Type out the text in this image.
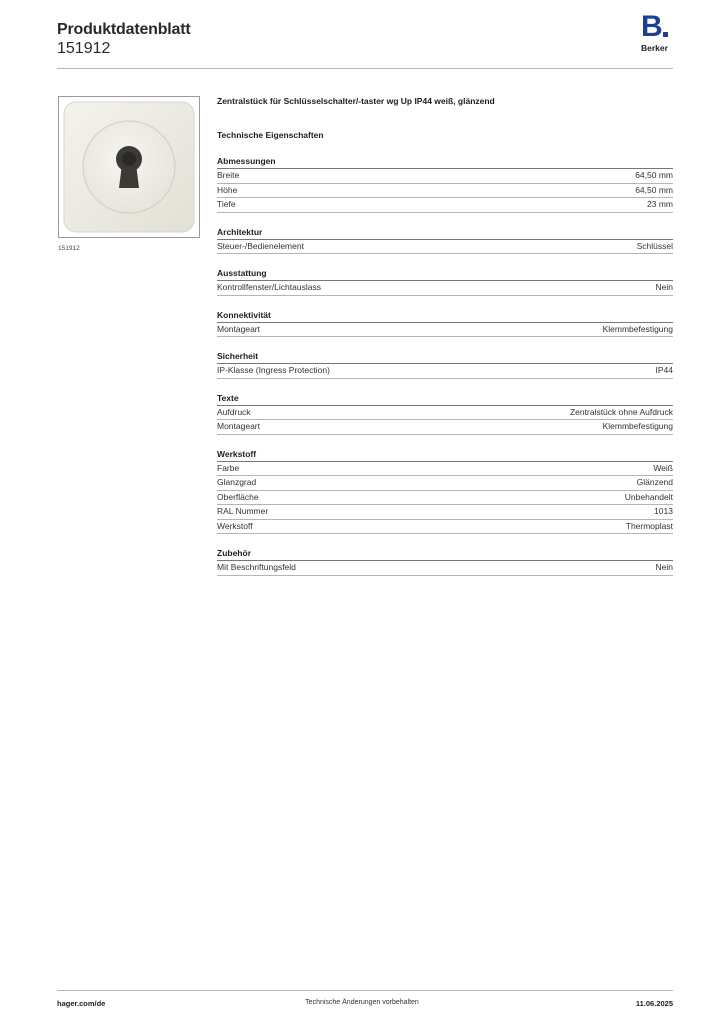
Produktdatenblatt
151912
B
Berker
151912
Zentralstück für Schlüsselschalter/-taster wg Up IP44 weiß, glänzend
Technische Eigenschaften
Abmessungen
Breite	64,50 mm
Höhe	64,50 mm
Tiefe	23 mm
Architektur
Steuer-/Bedienelement	Schlüssel
Ausstattung
Kontrollfenster/Lichtauslass	Nein
Konnektivität
Montageart	Klemmbefestigung
Sicherheit
IP-Klasse (Ingress Protection)	IP44
Texte
Aufdruck	Zentralstück ohne Aufdruck
Montageart	Klemmbefestigung
Werkstoff
Farbe	Weiß
Glanzgrad	Glänzend
Oberfläche	Unbehandelt
RAL Nummer	1013
Werkstoff	Thermoplast
Zubehör
Mit Beschriftungsfeld	Nein
hager.com/de	Technische Änderungen vorbehalten	11.06.2025
